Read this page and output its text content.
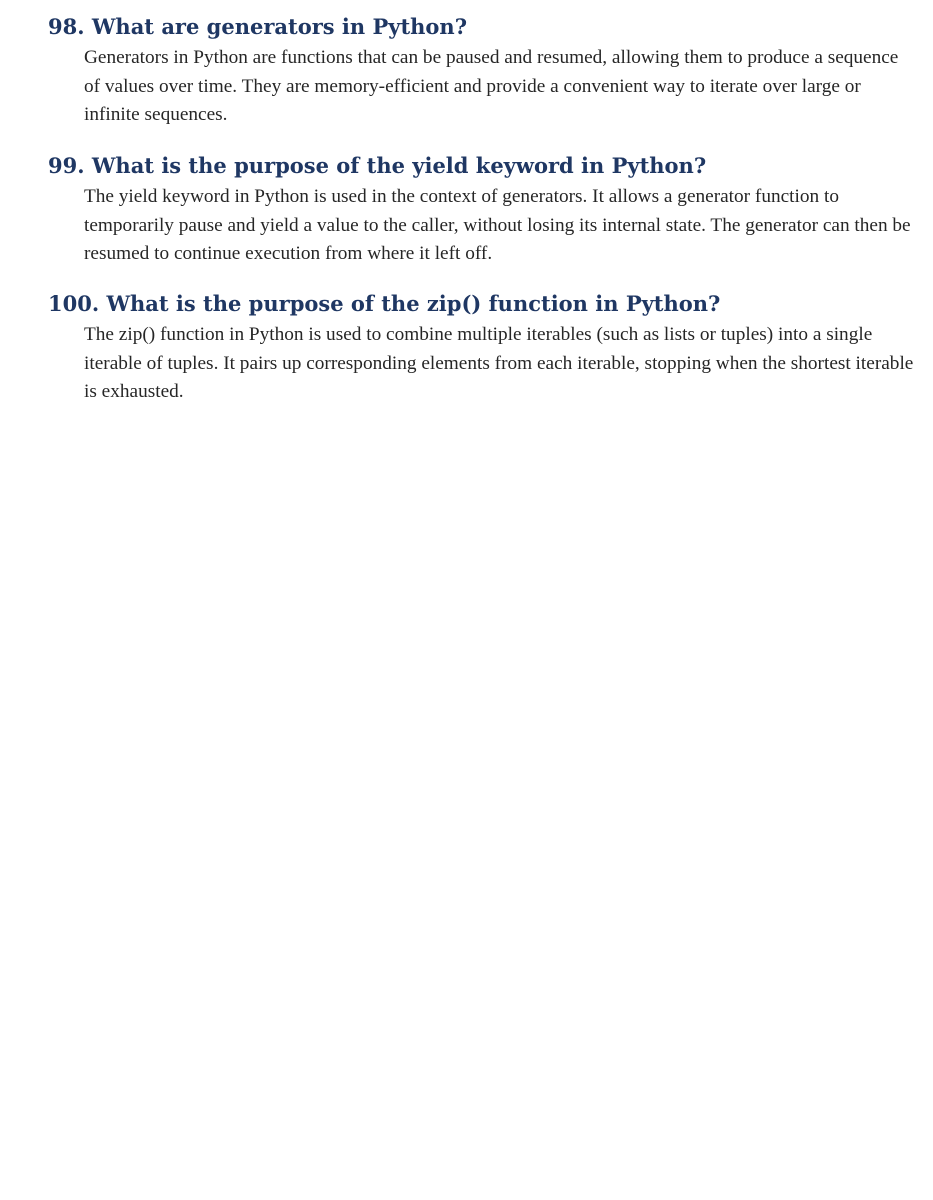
98. What are generators in Python?

Generators in Python are functions that can be paused and resumed, allowing them to produce a sequence of values over time. They are memory-efficient and provide a convenient way to iterate over large or infinite sequences.

99. What is the purpose of the yield keyword in Python?

The yield keyword in Python is used in the context of generators. It allows a generator function to temporarily pause and yield a value to the caller, without losing its internal state. The generator can then be resumed to continue execution from where it left off.

100. What is the purpose of the zip() function in Python?

The zip() function in Python is used to combine multiple iterables (such as lists or tuples) into a single iterable of tuples. It pairs up corresponding elements from each iterable, stopping when the shortest iterable is exhausted.
